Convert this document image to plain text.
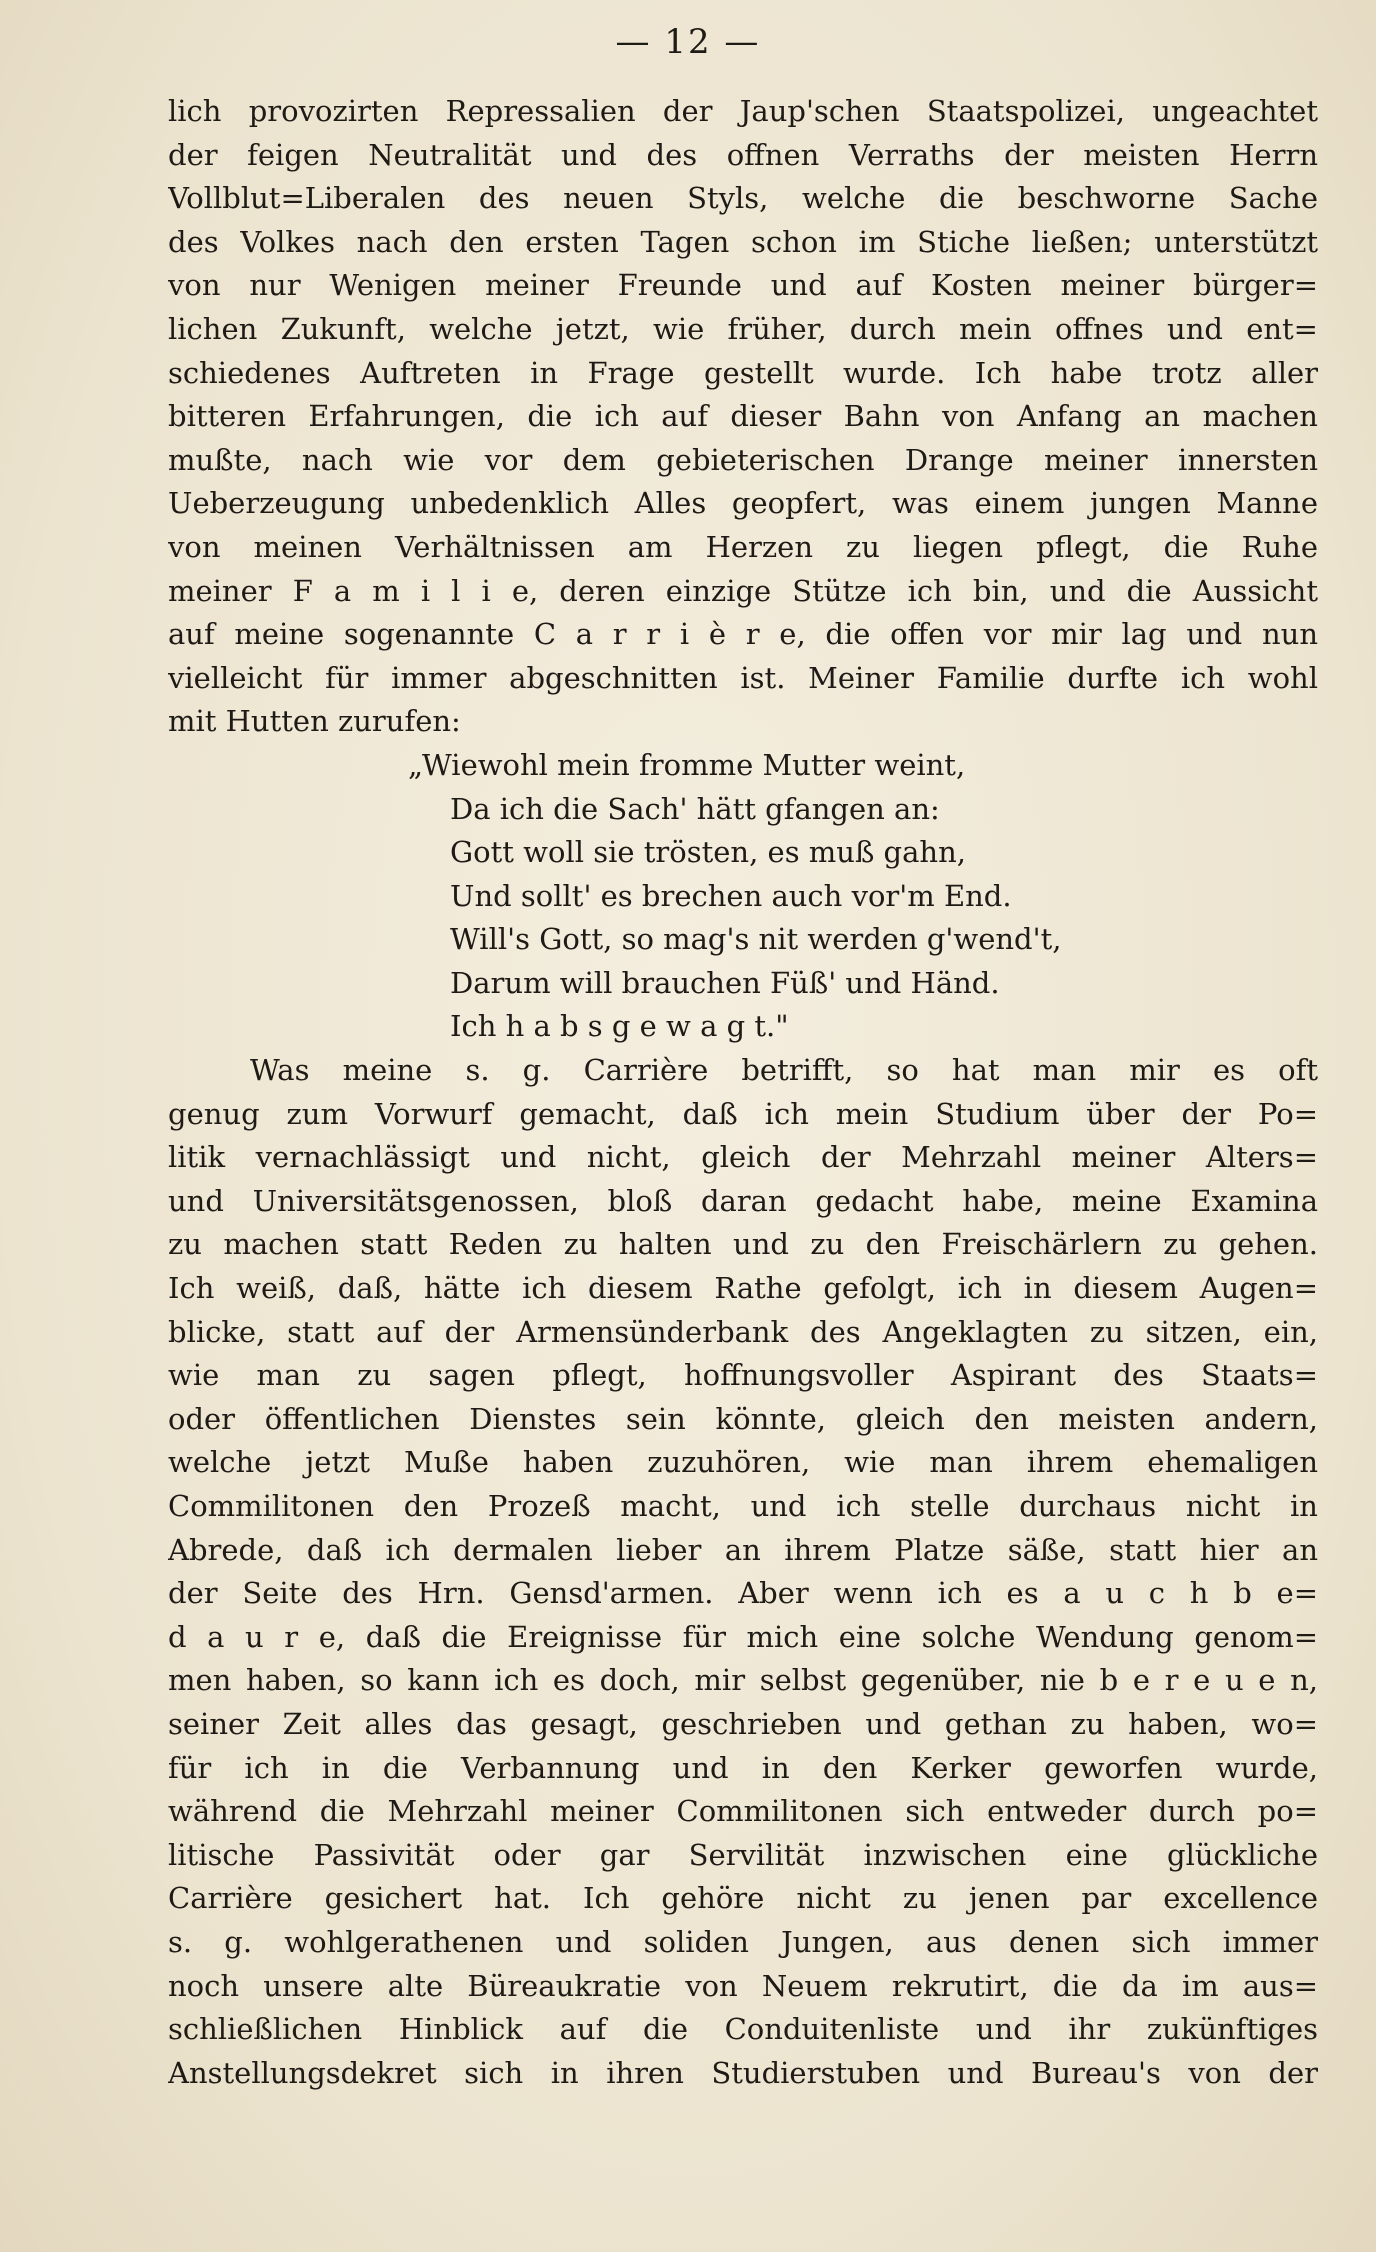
— 12 —
lich provozirten Repressalien der Jaup'schen Staatspolizei, ungeachtet
der feigen Neutralität und des offnen Verraths der meisten Herrn
Vollblut=Liberalen des neuen Styls, welche die beschworne Sache
des Volkes nach den ersten Tagen schon im Stiche ließen; unterstützt
von nur Wenigen meiner Freunde und auf Kosten meiner bürger=
lichen Zukunft, welche jetzt, wie früher, durch mein offnes und ent=
schiedenes Auftreten in Frage gestellt wurde. Ich habe trotz aller
bitteren Erfahrungen, die ich auf dieser Bahn von Anfang an machen
mußte, nach wie vor dem gebieterischen Drange meiner innersten
Ueberzeugung unbedenklich Alles geopfert, was einem jungen Manne
von meinen Verhältnissen am Herzen zu liegen pflegt, die Ruhe
meiner F a m i l i e, deren einzige Stütze ich bin, und die Aussicht
auf meine sogenannte C a r r i è r e, die offen vor mir lag und nun
vielleicht für immer abgeschnitten ist. Meiner Familie durfte ich wohl
mit Hutten zurufen:
„Wiewohl mein fromme Mutter weint,
Da ich die Sach' hätt gfangen an:
Gott woll sie trösten, es muß gahn,
Und sollt' es brechen auch vor'm End.
Will's Gott, so mag's nit werden g'wend't,
Darum will brauchen Füß' und Händ.
Ich h a b s g e w a g t."
Was meine s. g. Carrière betrifft, so hat man mir es oft
genug zum Vorwurf gemacht, daß ich mein Studium über der Po=
litik vernachlässigt und nicht, gleich der Mehrzahl meiner Alters=
und Universitätsgenossen, bloß daran gedacht habe, meine Examina
zu machen statt Reden zu halten und zu den Freischärlern zu gehen.
Ich weiß, daß, hätte ich diesem Rathe gefolgt, ich in diesem Augen=
blicke, statt auf der Armensünderbank des Angeklagten zu sitzen, ein,
wie man zu sagen pflegt, hoffnungsvoller Aspirant des Staats=
oder öffentlichen Dienstes sein könnte, gleich den meisten andern,
welche jetzt Muße haben zuzuhören, wie man ihrem ehemaligen
Commilitonen den Prozeß macht, und ich stelle durchaus nicht in
Abrede, daß ich dermalen lieber an ihrem Platze säße, statt hier an
der Seite des Hrn. Gensd'armen. Aber wenn ich es a u c h b e=
d a u r e, daß die Ereignisse für mich eine solche Wendung genom=
men haben, so kann ich es doch, mir selbst gegenüber, nie b e r e u e n,
seiner Zeit alles das gesagt, geschrieben und gethan zu haben, wo=
für ich in die Verbannung und in den Kerker geworfen wurde,
während die Mehrzahl meiner Commilitonen sich entweder durch po=
litische Passivität oder gar Servilität inzwischen eine glückliche
Carrière gesichert hat. Ich gehöre nicht zu jenen par excellence
s. g. wohlgerathenen und soliden Jungen, aus denen sich immer
noch unsere alte Büreaukratie von Neuem rekrutirt, die da im aus=
schließlichen Hinblick auf die Conduitenliste und ihr zukünftiges
Anstellungsdekret sich in ihren Studierstuben und Bureau's von der
